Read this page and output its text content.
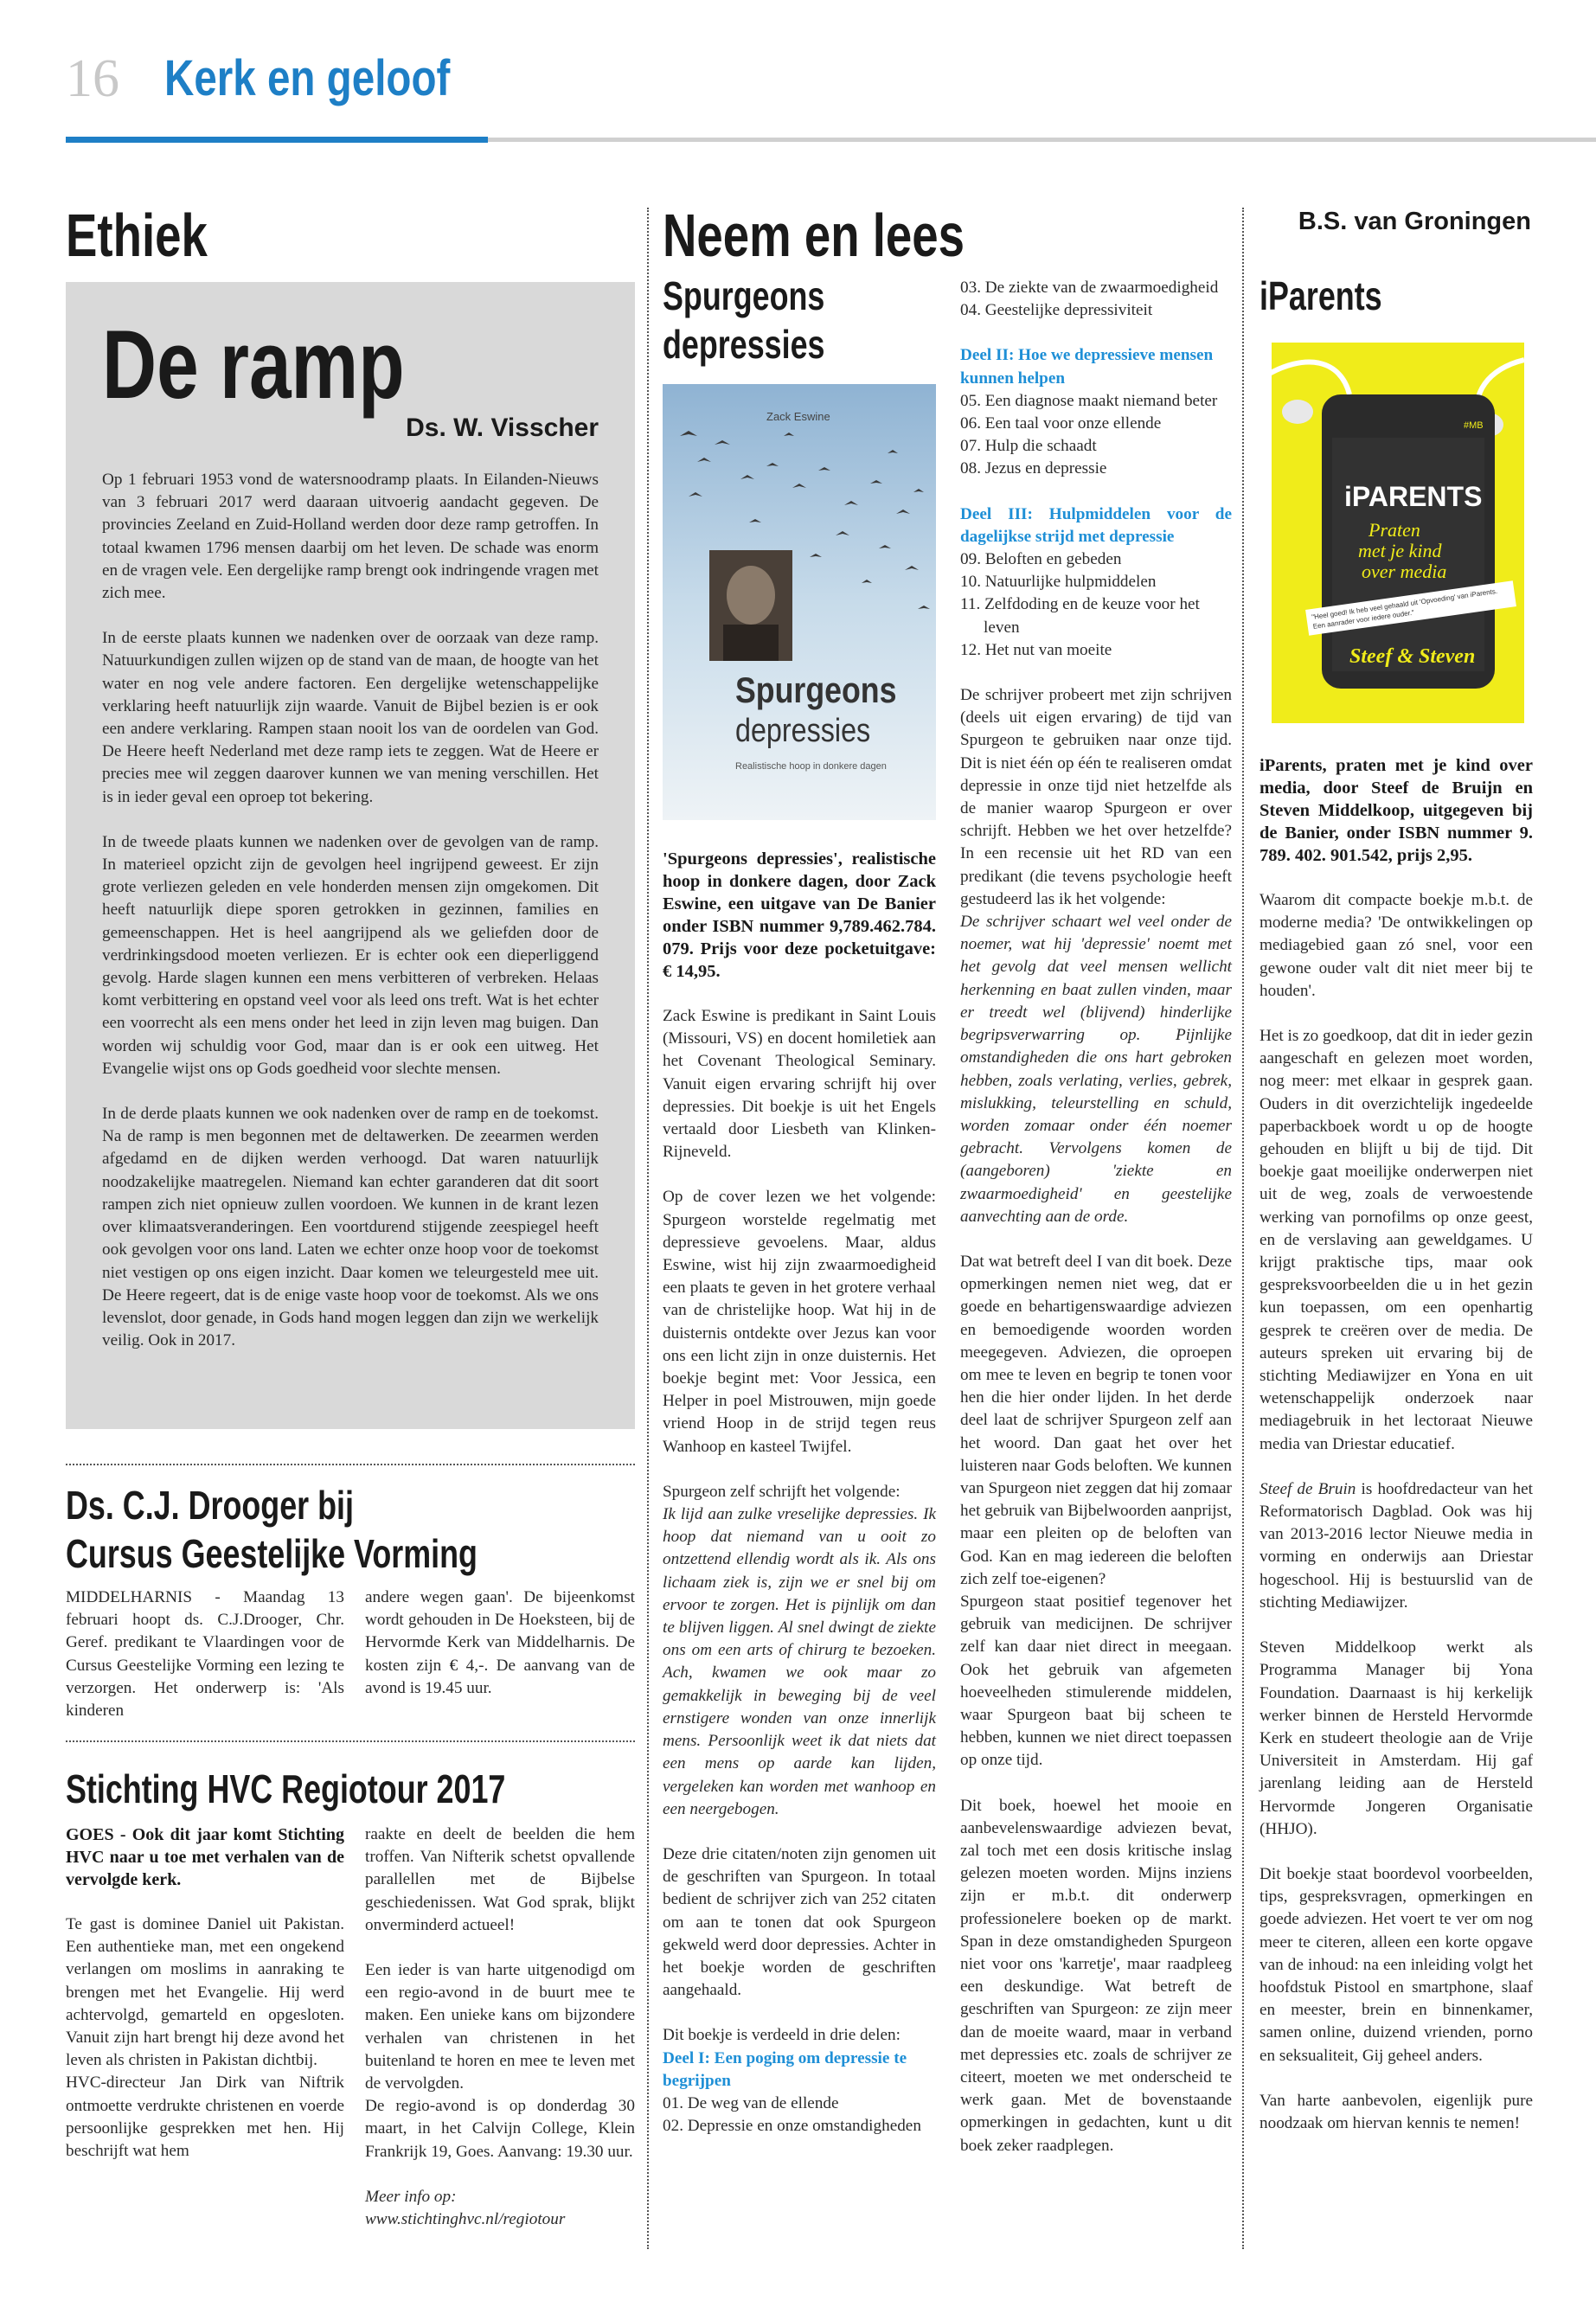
16 Kerk en geloof
Ethiek
De ramp
Ds. W. Visscher

Op 1 februari 1953 vond de watersnoodramp plaats. In Eilanden-Nieuws van 3 februari 2017 werd daaraan uitvoerig aandacht gegeven. De provincies Zeeland en Zuid-Holland werden door deze ramp getroffen. In totaal kwamen 1796 mensen daarbij om het leven. De schade was enorm en de vragen vele. Een dergelijke ramp brengt ook indringende vragen met zich mee.

In de eerste plaats kunnen we nadenken over de oorzaak van deze ramp. Natuurkundigen zullen wijzen op de stand van de maan, de hoogte van het water en nog vele andere factoren. Een dergelijke wetenschappelijke verklaring heeft natuurlijk zijn waarde. Vanuit de Bijbel bezien is er ook een andere verklaring. Rampen staan nooit los van de oordelen van God. De Heere heeft Nederland met deze ramp iets te zeggen. Wat de Heere er precies mee wil zeggen daarover kunnen we van mening verschillen. Het is in ieder geval een oproep tot bekering.

In de tweede plaats kunnen we nadenken over de gevolgen van de ramp. In materieel opzicht zijn de gevolgen heel ingrijpend geweest. Er zijn grote verliezen geleden en vele honderden mensen zijn omgekomen. Dit heeft natuurlijk diepe sporen getrokken in gezinnen, families en gemeenschappen. Het is heel aangrijpend als we geliefden door de verdrinkingsdood moeten verliezen. Er is echter ook een dieperliggend gevolg. Harde slagen kunnen een mens verbitteren of verbreken. Helaas komt verbittering en opstand veel voor als leed ons treft. Wat is het echter een voorrecht als een mens onder het leed in zijn leven mag buigen. Dan worden wij schuldig voor God, maar dan is er ook een uitweg. Het Evangelie wijst ons op Gods goedheid voor slechte mensen.

In de derde plaats kunnen we ook nadenken over de ramp en de toekomst. Na de ramp is men begonnen met de deltawerken. De zeearmen werden afgedamd en de dijken werden verhoogd. Dat waren natuurlijk noodzakelijke maatregelen. Niemand kan echter garanderen dat dit soort rampen zich niet opnieuw zullen voordoen. We kunnen in de krant lezen over klimaatsveranderingen. Een voortdurend stijgende zeespiegel heeft ook gevolgen voor ons land. Laten we echter onze hoop voor de toekomst niet vestigen op ons eigen inzicht. Daar komen we teleurgesteld mee uit. De Heere regeert, dat is de enige vaste hoop voor de toekomst. Als we ons levenslot, door genade, in Gods hand mogen leggen dan zijn we werkelijk veilig. Ook in 2017.

Ds. C.J. Drooger bij
Cursus Geestelijke Vorming
MIDDELHARNIS - Maandag 13 februari hoopt ds. C.J.Drooger, Chr. Geref. predikant te Vlaardingen voor de Cursus Geestelijke Vorming een lezing te verzorgen. Het onderwerp is: 'Als kinderen
andere wegen gaan'. De bijeenkomst wordt gehouden in De Hoeksteen, bij de Hervormde Kerk van Middelharnis. De kosten zijn € 4,-. De aanvang van de avond is 19.45 uur.
Stichting HVC Regiotour 2017

GOES - Ook dit jaar komt Stichting HVC naar u toe met verhalen van de vervolgde kerk.

Te gast is dominee Daniel uit Pakistan. Een authentieke man, met een ongekend verlangen om moslims in aanraking te brengen met het Evangelie. Hij werd achtervolgd, gemarteld en opgesloten. Vanuit zijn hart brengt hij deze avond het leven als christen in Pakistan dichtbij.

HVC-directeur Jan Dirk van Niftrik ontmoette verdrukte christenen en voerde persoonlijke gesprekken met hen. Hij beschrijft wat hem

raakte en deelt de beelden die hem troffen. Van Nifterik schetst opvallende parallellen met de Bijbelse geschiedenissen. Wat God sprak, blijkt onverminderd actueel!

Een ieder is van harte uitgenodigd om een regio-avond in de buurt mee te maken. Een unieke kans om bijzondere verhalen van christenen in het buitenland te horen en mee te leven met de vervolgden.

De regio-avond is op donderdag 30 maart, in het Calvijn College, Klein Frankrijk 19, Goes. Aanvang: 19.30 uur.

Meer info op:

www.stichtinghvc.nl/regiotour

Neem en lees
Spurgeons
depressies
Zack Eswine
Spurgeons
depressies
Realistische hoop in donkere dagen

'Spurgeons depressies', realistische hoop in donkere dagen, door Zack Eswine, een uitgave van De Banier onder ISBN nummer 9,789.462.784. 079. Prijs voor deze pocketuitgave: € 14,95.

Zack Eswine is predikant in Saint Louis (Missouri, VS) en docent homiletiek aan het Covenant Theological Seminary. Vanuit eigen ervaring schrijft hij over depressies. Dit boekje is uit het Engels vertaald door Liesbeth van Klinken-Rijneveld.

Op de cover lezen we het volgende: Spurgeon worstelde regelmatig met depressieve gevoelens. Maar, aldus Eswine, wist hij zijn zwaarmoedigheid een plaats te geven in het grotere verhaal van de christelijke hoop. Wat hij in de duisternis ontdekte over Jezus kan voor ons een licht zijn in onze duisternis. Het boekje begint met: Voor Jessica, een Helper in poel Mistrouwen, mijn goede vriend Hoop in de strijd tegen reus Wanhoop en kasteel Twijfel.

Spurgeon zelf schrijft het volgende:

Ik lijd aan zulke vreselijke depressies. Ik hoop dat niemand van u ooit zo ontzettend ellendig wordt als ik. Als ons lichaam ziek is, zijn we er snel bij om ervoor te zorgen. Het is pijnlijk om dan te blijven liggen. Al snel dwingt de ziekte ons om een arts of chirurg te bezoeken. Ach, kwamen we ook maar zo gemakkelijk in beweging bij de veel ernstigere wonden van onze innerlijk mens. Persoonlijk weet ik dat niets dat een mens op aarde kan lijden, vergeleken kan worden met wanhoop en een neergebogen.

Deze drie citaten/noten zijn genomen uit de geschriften van Spurgeon. In totaal bedient de schrijver zich van 252 citaten om aan te tonen dat ook Spurgeon gekweld werd door depressies. Achter in het boekje worden de geschriften aangehaald.

Dit boekje is verdeeld in drie delen:

Deel I: Een poging om depressie te begrijpen

01. De weg van de ellende

02. Depressie en onze omstandigheden

03. De ziekte van de zwaarmoedigheid

04. Geestelijke depressiviteit

Deel II: Hoe we depressieve mensen kunnen helpen

05. Een diagnose maakt niemand beter

06. Een taal voor onze ellende

07. Hulp die schaadt

08. Jezus en depressie

Deel III: Hulpmiddelen voor de dagelijkse strijd met depressie

09. Beloften en gebeden

10. Natuurlijke hulpmiddelen

11. Zelfdoding en de keuze voor het leven

12. Het nut van moeite

De schrijver probeert met zijn schrijven (deels uit eigen ervaring) de tijd van Spurgeon te gebruiken naar onze tijd. Dit is niet één op één te realiseren omdat depressie in onze tijd niet hetzelfde als de manier waarop Spurgeon er over schrijft. Hebben we het over hetzelfde? In een recensie uit het RD van een predikant (die tevens psychologie heeft gestudeerd las ik het volgende:

De schrijver schaart wel veel onder de noemer, wat hij 'depressie' noemt met het gevolg dat veel mensen wellicht herkenning en baat zullen vinden, maar er treedt wel (blijvend) hinderlijke begripsverwarring op. Pijnlijke omstandigheden die ons hart gebroken hebben, zoals verlating, verlies, gebrek, mislukking, teleurstelling en schuld, worden zomaar onder één noemer gebracht. Vervolgens komen de (aangeboren) 'ziekte en zwaarmoedigheid' en geestelijke aanvechting aan de orde.

Dat wat betreft deel I van dit boek. Deze opmerkingen nemen niet weg, dat er goede en behartigenswaardige adviezen en bemoedigende woorden worden meegegeven. Adviezen, die oproepen om mee te leven en begrip te tonen voor hen die hier onder lijden. In het derde deel laat de schrijver Spurgeon zelf aan het woord. Dan gaat het over het luisteren naar Gods beloften. We kunnen van Spurgeon niet zeggen dat hij zomaar het gebruik van Bijbelwoorden aanprijst, maar een pleiten op de beloften van God. Kan en mag iedereen die beloften zich zelf toe-eigenen?

Spurgeon staat positief tegenover het gebruik van medicijnen. De schrijver zelf kan daar niet direct in meegaan. Ook het gebruik van afgemeten hoeveelheden stimulerende middelen, waar Spurgeon baat bij scheen te hebben, kunnen we niet direct toepassen op onze tijd.

Dit boek, hoewel het mooie en aanbevelenswaardige adviezen bevat, zal toch met een dosis kritische inslag gelezen moeten worden. Mijns inziens zijn er m.b.t. dit onderwerp professionelere boeken op de markt. Span in deze omstandigheden Spurgeon niet voor ons 'karretje', maar raadpleeg een deskundige. Wat betreft de geschriften van Spurgeon: ze zijn meer dan de moeite waard, maar in verband met depressies etc. zoals de schrijver ze citeert, moeten we met onderscheid te werk gaan. Met de bovenstaande opmerkingen in gedachten, kunt u dit boek zeker raadplegen.

B.S. van Groningen
iParents
#MB
iPARENTS
Praten
met je kind
over media
"Heel goed! Ik heb veel gehaald uit 'Opvoeding' van iParents. Een aanrader voor iedere ouder."
Steef & Steven

iParents, praten met je kind over media, door Steef de Bruijn en Steven Middelkoop, uitgegeven bij de Banier, onder ISBN nummer 9. 789. 402. 901.542, prijs 2,95.

Waarom dit compacte boekje m.b.t. de moderne media? 'De ontwikkelingen op mediagebied gaan zó snel, voor een gewone ouder valt dit niet meer bij te houden'.

Het is zo goedkoop, dat dit in ieder gezin aangeschaft en gelezen moet worden, nog meer: met elkaar in gesprek gaan. Ouders in dit overzichtelijk ingedeelde paperbackboek wordt u op de hoogte gehouden en blijft u bij de tijd. Dit boekje gaat moeilijke onderwerpen niet uit de weg, zoals de verwoestende werking van pornofilms op onze geest, en de verslaving aan geweldgames. U krijgt praktische tips, maar ook gespreksvoorbeelden die u in het gezin kun toepassen, om een openhartig gesprek te creëren over de media. De auteurs spreken uit ervaring bij de stichting Mediawijzer en Yona en uit wetenschappelijk onderzoek naar mediagebruik in het lectoraat Nieuwe media van Driestar educatief.

Steef de Bruin is hoofdredacteur van het Reformatorisch Dagblad. Ook was hij van 2013-2016 lector Nieuwe media in vorming en onderwijs aan Driestar hogeschool. Hij is bestuurslid van de stichting Mediawijzer.

Steven Middelkoop werkt als Programma Manager bij Yona Foundation. Daarnaast is hij kerkelijk werker binnen de Hersteld Hervormde Kerk en studeert theologie aan de Vrije Universiteit in Amsterdam. Hij gaf jarenlang leiding aan de Hersteld Hervormde Jongeren Organisatie (HHJO).

Dit boekje staat boordevol voorbeelden, tips, gespreksvragen, opmerkingen en goede adviezen. Het voert te ver om nog meer te citeren, alleen een korte opgave van de inhoud: na een inleiding volgt het hoofdstuk Pistool en smartphone, slaaf en meester, brein en binnenkamer, samen online, duizend vrienden, porno en seksualiteit, Gij geheel anders.

Van harte aanbevolen, eigenlijk pure noodzaak om hiervan kennis te nemen!
